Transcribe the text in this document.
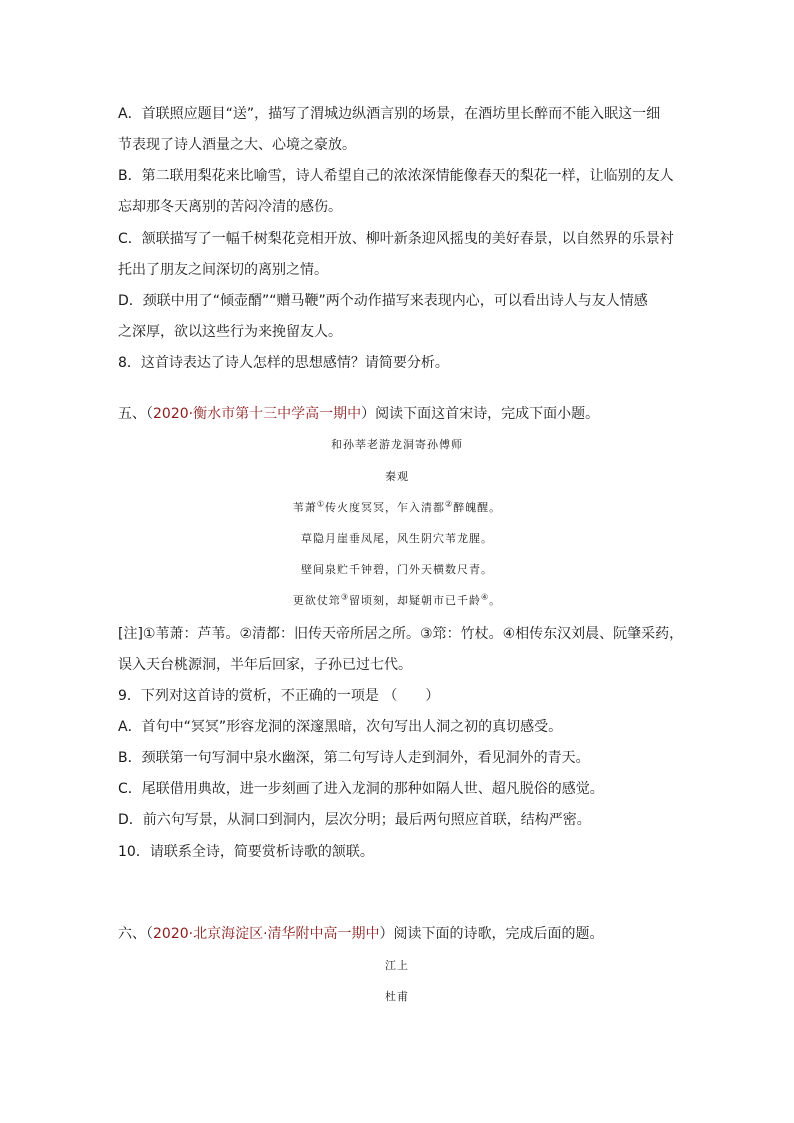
A．首联照应题目“送”，描写了渭城边纵酒言别的场景，在酒坊里长醉而不能入眠这一细
节表现了诗人酒量之大、心境之豪放。
B．第二联用梨花来比喻雪，诗人希望自己的浓浓深情能像春天的梨花一样，让临别的友人
忘却那冬天离别的苦闷冷清的感伤。
C．颔联描写了一幅千树梨花竞相开放、柳叶新条迎风摇曳的美好春景，以自然界的乐景衬
托出了朋友之间深切的离别之情。
D．颈联中用了“倾壶醑”“赠马鞭”两个动作描写来表现内心，可以看出诗人与友人情感
之深厚，欲以这些行为来挽留友人。
8．这首诗表达了诗人怎样的思想感情？请简要分析。
五、（2020·衡水市第十三中学高一期中）阅读下面这首宋诗，完成下面小题。
和孙莘老游龙洞寄孙傅师
秦观
苇萧①传火度冥冥，乍入清都②醉魄醒。
草隐月崖垂凤尾，风生阴穴苇龙腥。
壁间泉贮千钟碧，门外天横数尺青。
更欲仗筇③留顷刻，却疑朝市已千龄④。
[注]①苇萧：芦苇。②清都：旧传天帝所居之所。③筇：竹杖。④相传东汉刘晨、阮肇采药，
误入天台桃源洞，半年后回家，子孙已过七代。
9．下列对这首诗的赏析，不正确的一项是 （　　）
A．首句中“冥冥”形容龙洞的深邃黑暗，次句写出人洞之初的真切感受。
B．颈联第一句写洞中泉水幽深，第二句写诗人走到洞外，看见洞外的青天。
C．尾联借用典故，进一步刻画了进入龙洞的那种如隔人世、超凡脱俗的感觉。
D．前六句写景，从洞口到洞内，层次分明；最后两句照应首联，结构严密。
10．请联系全诗，简要赏析诗歌的颔联。
六、（2020·北京海淀区·清华附中高一期中）阅读下面的诗歌，完成后面的题。
江上
杜甫
